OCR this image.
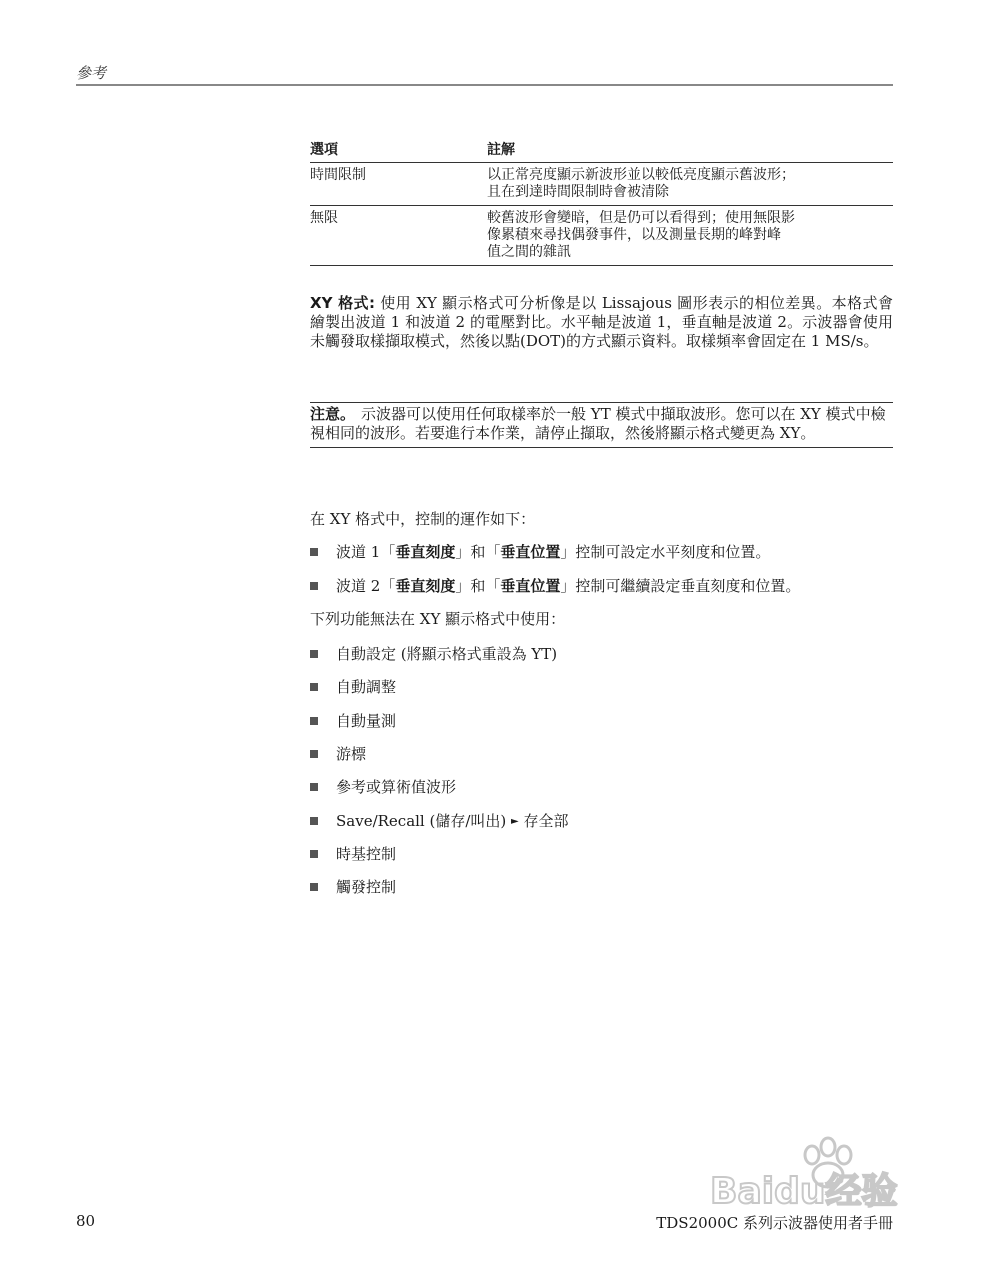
參考
選項	註解
時間限制	以正常亮度顯示新波形並以較低亮度顯示舊波形；
且在到達時間限制時會被清除

無限	較舊波形會變暗，但是仍可以看得到；使用無限影
像累積來尋找偶發事件，以及測量長期的峰對峰
值之間的雜訊
XY 格式: 使用 XY 顯示格式可分析像是以 Lissajous 圖形表示的相位差異。本格式會繪製出波道 1 和波道 2 的電壓對比。水平軸是波道 1，垂直軸是波道 2。示波器會使用未觸發取樣擷取模式，然後以點(DOT)的方式顯示資料。取樣頻率會固定在 1 MS/s。
注意。 示波器可以使用任何取樣率於一般 YT 模式中擷取波形。您可以在 XY 模式中檢視相同的波形。若要進行本作業，請停止擷取，然後將顯示格式變更為 XY。
在 XY 格式中，控制的運作如下：
波道 1「垂直刻度」和「垂直位置」控制可設定水平刻度和位置。
波道 2「垂直刻度」和「垂直位置」控制可繼續設定垂直刻度和位置。
下列功能無法在 XY 顯示格式中使用：
自動設定 (將顯示格式重設為 YT)
自動調整
自動量測
游標
參考或算術值波形
Save/Recall (儲存/叫出) ► 存全部
時基控制
觸發控制
Baidu经验
80	TDS2000C 系列示波器使用者手冊
